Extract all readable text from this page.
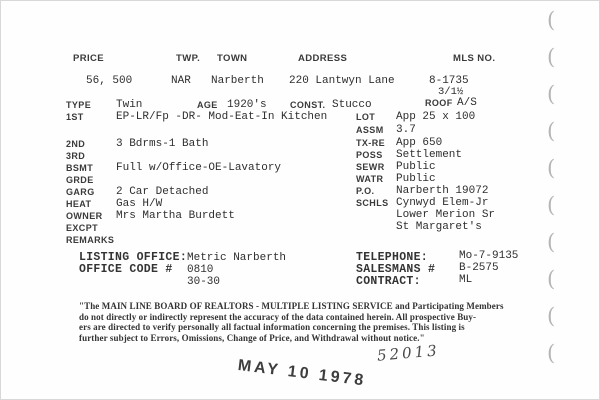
PRICE	TWP. TOWN	ADDRESS	MLS NO.
56, 500	NAR Narberth 220 Lantwyn Lane	8-1735
3/1½
TYPE Twin	AGE 1920's	CONST. Stucco	ROOF A/S
1ST	EP-LR/Fp -DR- Mod-Eat-In Kitchen
2ND	3 Bdrms-1 Bath
3RD
BSMT Full w/Office-OE-Lavatory
GRDE
GARG 2 Car Detached
HEAT Gas H/W
OWNER Mrs Martha Burdett
EXCPT
REMARKS
LOT App 25 x 100
ASSM 3.7
TX-RE App 650
POSS Settlement
SEWR Public
WATR Public
P.O. Narberth 19072
SCHLS Cynwyd Elem-Jr
Lower Merion Sr
St Margaret's
LISTING OFFICE: Metric Narberth
OFFICE CODE # 0810
30-30
TELEPHONE:	Mo-7-9135
SALESMANS # B-2575
CONTRACT:	ML
"The MAIN LINE BOARD OF REALTORS - MULTIPLE LISTING SERVICE and Participating Members
do not directly or indirectly represent the accuracy of the data contained herein. All prospective Buy-
ers are directed to verify personally all factual information concerning the premises. This listing is
further subject to Errors, Omissions, Change of Price, and Withdrawal without notice."
MAY 10 1978
52013
(
(
(
(
(
(
(
(
(
(
